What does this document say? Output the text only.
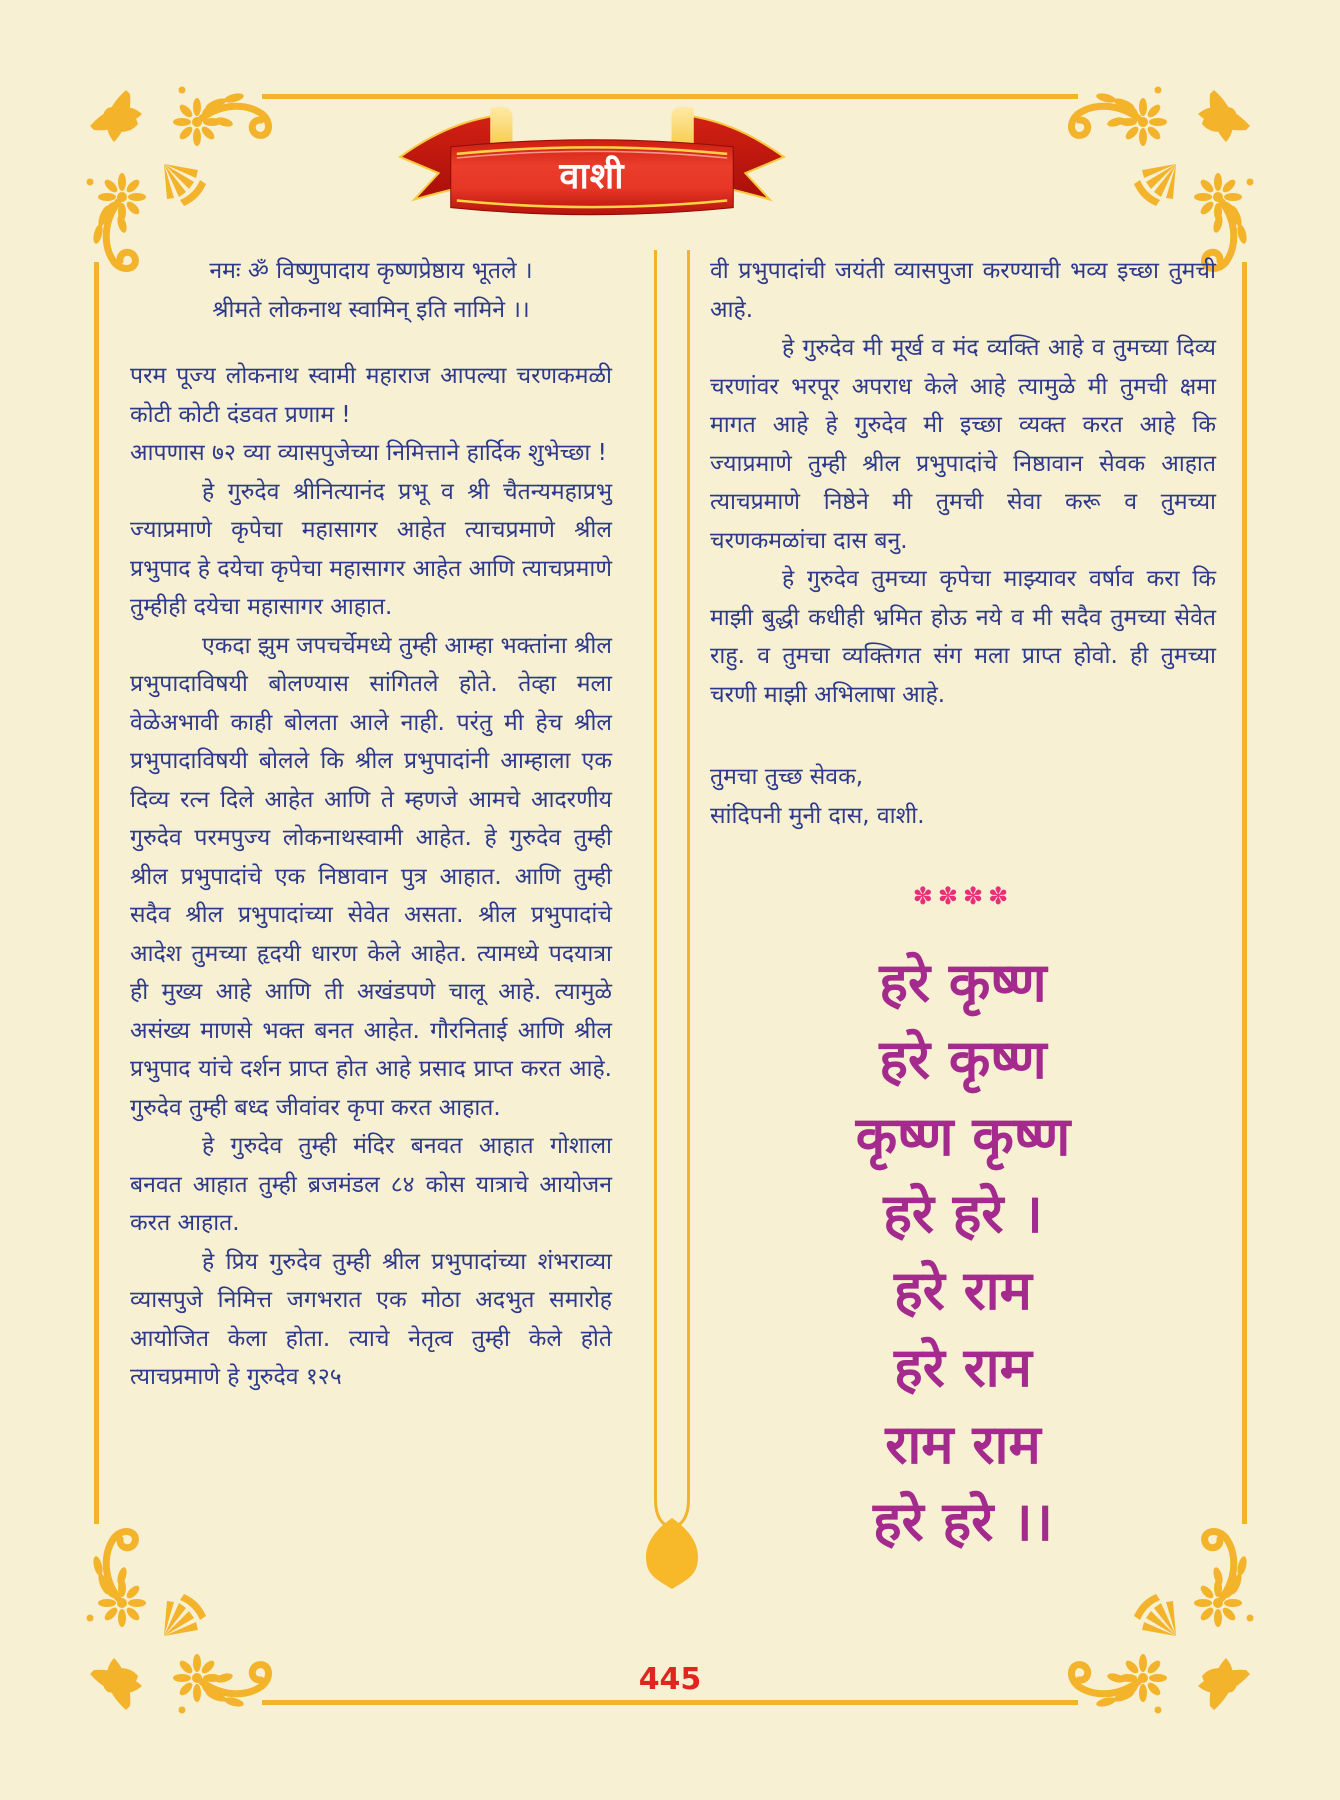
वाशी
नमः ॐ विष्णुपादाय कृष्णप्रेष्ठाय भूतले ।
श्रीमते लोकनाथ स्वामिन् इति नामिने ।।

परम पूज्य लोकनाथ स्वामी महाराज आपल्या चरणकमळी कोटी कोटी दंडवत प्रणाम !

आपणास ७२ व्या व्यासपुजेच्या निमित्ताने हार्दिक शुभेच्छा !

हे गुरुदेव श्रीनित्यानंद प्रभू व श्री चैतन्यमहाप्रभु ज्याप्रमाणे कृपेचा महासागर आहेत त्याचप्रमाणे श्रील प्रभुपाद हे दयेचा कृपेचा महासागर आहेत आणि त्याचप्रमाणे तुम्हीही दयेचा महासागर आहात.

एकदा झुम जपचर्चेमध्ये तुम्ही आम्हा भक्तांना श्रील प्रभुपादाविषयी बोलण्यास सांगितले होते. तेव्हा मला वेळेअभावी काही बोलता आले नाही. परंतु मी हेच श्रील प्रभुपादाविषयी बोलले कि श्रील प्रभुपादांनी आम्हाला एक दिव्य रत्न दिले आहेत आणि ते म्हणजे आमचे आदरणीय गुरुदेव परमपुज्य लोकनाथस्वामी आहेत. हे गुरुदेव तुम्ही श्रील प्रभुपादांचे एक निष्ठावान पुत्र आहात. आणि तुम्ही सदैव श्रील प्रभुपादांच्या सेवेत असता. श्रील प्रभुपादांचे आदेश तुमच्या हृदयी धारण केले आहेत. त्यामध्ये पदयात्रा ही मुख्य आहे आणि ती अखंडपणे चालू आहे. त्यामुळे असंख्य माणसे भक्त बनत आहेत. गौरनिताई आणि श्रील प्रभुपाद यांचे दर्शन प्राप्त होत आहे प्रसाद प्राप्त करत आहे. गुरुदेव तुम्ही बध्द जीवांवर कृपा करत आहात.

हे गुरुदेव तुम्ही मंदिर बनवत आहात गोशाला बनवत आहात तुम्ही ब्रजमंडल ८४ कोस यात्राचे आयोजन करत आहात.

हे प्रिय गुरुदेव तुम्ही श्रील प्रभुपादांच्या शंभराव्या व्यासपुजे निमित्त जगभरात एक मोठा अदभुत समारोह आयोजित केला होता. त्याचे नेतृत्व तुम्ही केले होते त्याचप्रमाणे हे गुरुदेव १२५

वी प्रभुपादांची जयंती व्यासपुजा करण्याची भव्य इच्छा तुमची आहे.

हे गुरुदेव मी मूर्ख व मंद व्यक्ति आहे व तुमच्या दिव्य चरणांवर भरपूर अपराध केले आहे त्यामुळे मी तुमची क्षमा मागत आहे हे गुरुदेव मी इच्छा व्यक्त करत आहे कि ज्याप्रमाणे तुम्ही श्रील प्रभुपादांचे निष्ठावान सेवक आहात त्याचप्रमाणे निष्ठेने मी तुमची सेवा करू व तुमच्या चरणकमळांचा दास बनु.

हे गुरुदेव तुमच्या कृपेचा माझ्यावर वर्षाव करा कि माझी बुद्धी कधीही भ्रमित होऊ नये व मी सदैव तुमच्या सेवेत राहु. व तुमचा व्यक्तिगत संग मला प्राप्त होवो. ही तुमच्या चरणी माझी अभिलाषा आहे.

तुमचा तुच्छ सेवक,
सांदिपनी मुनी दास, वाशी.
✽✽✽✽
हरे कृष्ण
हरे कृष्ण
कृष्ण कृष्ण
हरे हरे ।
हरे राम
हरे राम
राम राम
हरे हरे ।।
445
